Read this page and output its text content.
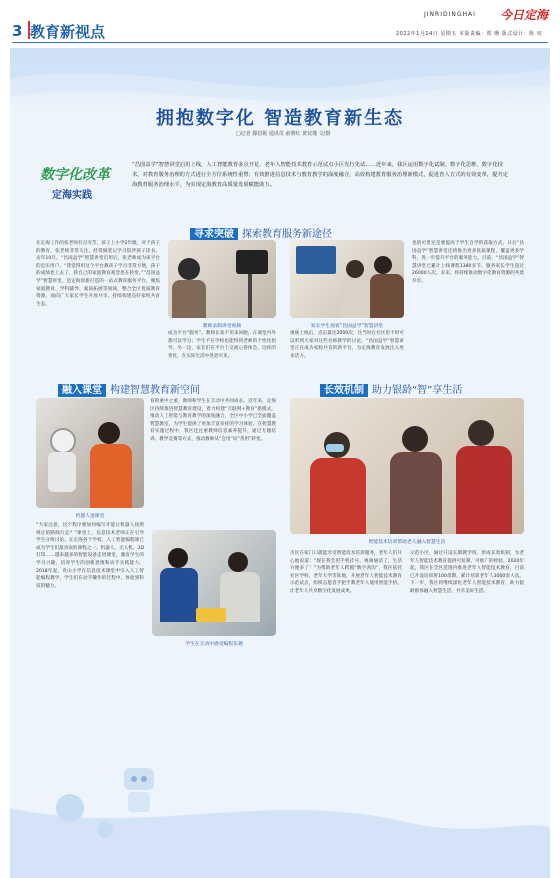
3 教育新视点
JINRIDINGHAI 今日定海
2022年1月14日 星期五 本版责编：郑 珊 版式设计：陈 叹
拥抱数字化 智造教育新生态
□记者 滕招妮 通讯员 俞赛红 黄玟瑾 文/摄
数字化改革
定海实践
“昌国益学”智慧讲堂启用上线，人工智能教育多点开花，老年人智能技术教育示范试点小区先行先试……近年来，我区运用数字化试制、数字化思维、数字化技术，对教育服务治理的方式进行全方位系统性重塑；有效推进信息技术与教育教学的深度融合，高效构建教育服务治理新模式，促进育人方式的有效变革，提升定海教育服务治理水平，为实现定海教育高质量发展赋能助力。
寻求突破 探索教育服务新途径
在定海工作的张老师有点穷苦，孩子上小学2年级，对于孩子的教育，张老师非常关注，经常做笔记学习陪伴孩子读书。去年10月，“昌国益学”智慧讲堂启用后，张老师成为该平台的忠实用户。“我觉得用这个平台教孩子学习非常方便，孩子的成绩也上去了，我自己的家庭教育观念也在转变。”“昌国益学”智慧讲堂，是定海创新打造的一站式教育服务平台，聚焦家庭教育、学科辅导、素质拓展等领域，整合全区优质教育资源，面向广大家长学生开放共享，持续构建良好家校共育生态。
教师录制讲堂视频	家长学生观看“昌国益学”智慧讲堂
成为平台“服务”。教师在家不用来回跑，在课堂内外都可以学习；学生不在学校也能得到老师的个性化指导。另一边，家长们在平台上交流心得体会，这样的变化，在实际生活中处处可见。
视频上线后，点击量达2000次，这当时在社区里不时可以听到大家对这些名师教学的讨论，“昌国益学”智慧讲堂正在成为家校共育的新平台，为定海教育发展注入更多活力。
也的可贵还是要提高于学生自学的获取方式，日后“昌国益学”智慧讲堂还将推出更多优质课程，覆盖更多学科，进一步提升平台的服务能力。目前，“昌国益学”智慧讲堂已累计上线课程1380多节，服务家长学生超过26000人次。未来，将持续推动数字化教育资源的共建共享。
融入课堂 构建智慧教育新空间
机器人进课堂
“大家注意，这个程序要如何编写才能让机器人按照规定的路线行走？”课堂上，信息技术老师正在引导学生分组讨论。在定海各个学校，人工智能编程课已成为学生们最喜欢的课程之一。机器人、无人机、3D打印……越来越多的智能设备走进课堂，激发学生的学习兴趣，培养学生的创新思维和动手实践能力。2018年起，舟山小学在信息技术课堂中引入人工智能编程教学，学生们在动手操作的过程中，体验到科技的魅力。
育的重中之重，教师和学生在互动中共同成长。近年来，定海区持续推进智慧教育建设，着力构建“互联网+教育”新模式，推动人工智能与教育教学的深度融合，全区中小学已全面覆盖智慧教室，为学生提供了更加丰富多样的学习体验。在智慧教育实施过程中，我区还注重教师信息素养提升，通过专题培训、教学竞赛等方式，推动教师从“会用”向“善用”转变。
学生在互动中感受编程乐趣
长效机制 助力银龄“智”享生活
智能技术培训帮助老人融入智慧生活
市民在家门口就能享受智能技术培训服务，老年人们开心地说道：“现在我会用手机挂号、视频通话了，生活方便多了！”为帮助老年人跨越“数字鸿沟”，我区依托社区学校、老年大学等阵地，开展老年人智能技术教育示范试点，组织志愿者手把手教老年人使用智能手机，让老年人共享数字化发展成果。
示范小区，通过开设长期教学班、形成长效机制，为老年人智能技术教育提供可复制、可推广的经验。2020年起，我区在全区范围内推进老年人智能技术教育，目前已开设培训班100余期，累计培训老年人3000余人次。下一步，我区将继续深化老年人智能技术教育，助力银龄群体融入智慧生活，共享美好生活。
